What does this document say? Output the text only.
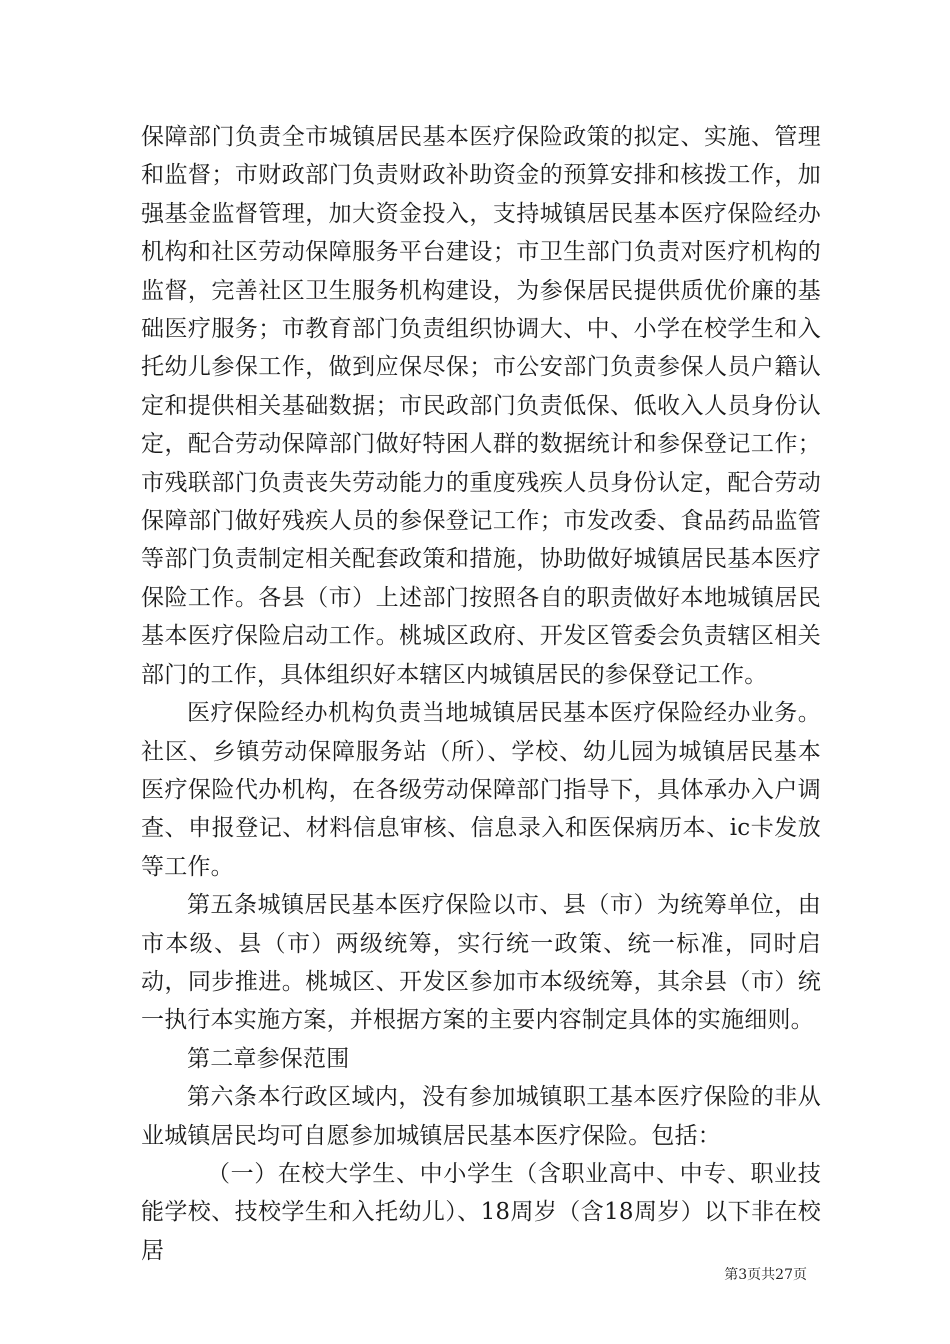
保障部门负责全市城镇居民基本医疗保险政策的拟定、实施、管理和监督；市财政部门负责财政补助资金的预算安排和核拨工作，加强基金监督管理，加大资金投入，支持城镇居民基本医疗保险经办机构和社区劳动保障服务平台建设；市卫生部门负责对医疗机构的监督，完善社区卫生服务机构建设，为参保居民提供质优价廉的基础医疗服务；市教育部门负责组织协调大、中、小学在校学生和入托幼儿参保工作，做到应保尽保；市公安部门负责参保人员户籍认定和提供相关基础数据；市民政部门负责低保、低收入人员身份认定，配合劳动保障部门做好特困人群的数据统计和参保登记工作；市残联部门负责丧失劳动能力的重度残疾人员身份认定，配合劳动保障部门做好残疾人员的参保登记工作；市发改委、食品药品监管等部门负责制定相关配套政策和措施，协助做好城镇居民基本医疗保险工作。各县（市）上述部门按照各自的职责做好本地城镇居民基本医疗保险启动工作。桃城区政府、开发区管委会负责辖区相关部门的工作，具体组织好本辖区内城镇居民的参保登记工作。

医疗保险经办机构负责当地城镇居民基本医疗保险经办业务。社区、乡镇劳动保障服务站（所）、学校、幼儿园为城镇居民基本医疗保险代办机构，在各级劳动保障部门指导下，具体承办入户调查、申报登记、材料信息审核、信息录入和医保病历本、ic卡发放等工作。

第五条城镇居民基本医疗保险以市、县（市）为统筹单位，由市本级、县（市）两级统筹，实行统一政策、统一标准，同时启动，同步推进。桃城区、开发区参加市本级统筹，其余县（市）统一执行本实施方案，并根据方案的主要内容制定具体的实施细则。

第二章参保范围

第六条本行政区域内，没有参加城镇职工基本医疗保险的非从业城镇居民均可自愿参加城镇居民基本医疗保险。包括：

（一）在校大学生、中小学生（含职业高中、中专、职业技能学校、技校学生和入托幼儿）、18周岁（含18周岁）以下非在校居

第3页共27页
